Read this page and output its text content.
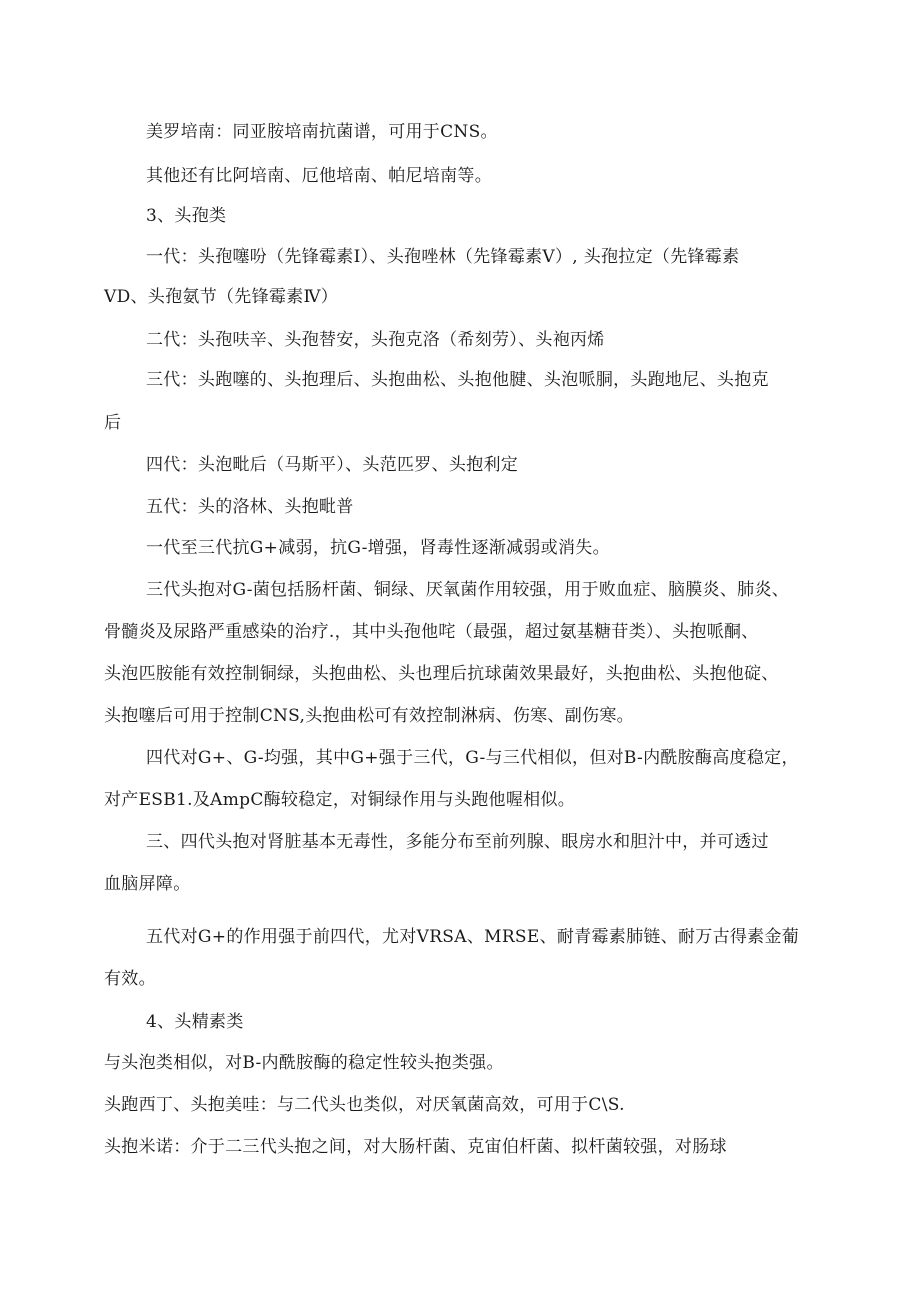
美罗培南：同亚胺培南抗菌谱，可用于CNS。
其他还有比阿培南、厄他培南、帕尼培南等。
3、头孢类
一代：头孢噻吩（先锋霉素Ⅰ）、头孢唑林（先锋霉素Ⅴ）, 头孢拉定（先锋霉素
VD、头孢氨节（先锋霉素Ⅳ）
二代：头孢呋辛、头孢替安，头孢克洛（希刻劳）、头袍丙烯
三代：头跑噻的、头抱理后、头抱曲松、头抱他腱、头泡哌胴，头跑地尼、头抱克
后
四代：头泡毗后（马斯平）、头范匹罗、头抱利定
五代：头的洛林、头抱毗普
一代至三代抗G+减弱，抗G-增强，肾毒性逐渐减弱或消失。
三代头抱对G-菌包括肠杆菌、铜绿、厌氧菌作用较强，用于败血症、脑膜炎、肺炎、
骨髓炎及尿路严重感染的治疗.，其中头孢他咤（最强，超过氨基糖苷类）、头抱哌酮、
头泡匹胺能有效控制铜绿，头抱曲松、头也理后抗球菌效果最好，头抱曲松、头抱他碇、
头抱噻后可用于控制CNS,头抱曲松可有效控制淋病、伤寒、副伤寒。
四代对G+、G-均强，其中G+强于三代，G-与三代相似，但对B-内酰胺酶高度稳定，
对产ESB1.及AmpC酶较稳定，对铜绿作用与头跑他喔相似。
三、四代头抱对肾脏基本无毒性，多能分布至前列腺、眼房水和胆汁中，并可透过
血脑屏障。
五代对G+的作用强于前四代，尤对VRSA、MRSE、耐青霉素肺链、耐万古得素金葡
有效。
4、头精素类
与头泡类相似，对B-内酰胺酶的稳定性较头抱类强。
头跑西丁、头抱美哇：与二代头也类似，对厌氧菌高效，可用于C\S.
头抱米诺：介于二三代头抱之间，对大肠杆菌、克宙伯杆菌、拟杆菌较强，对肠球
